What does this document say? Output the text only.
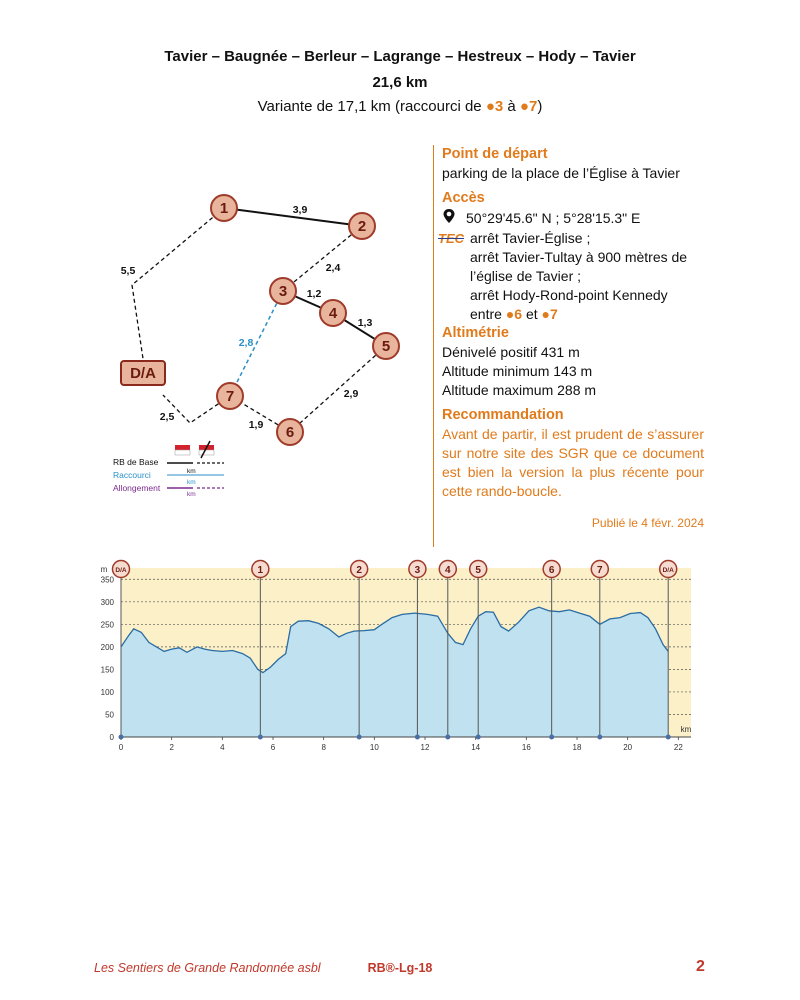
Tavier – Baugnée – Berleur – Lagrange – Hestreux – Hody – Tavier
21,6 km
Variante de 17,1 km (raccourci de ●3 à ●7)
3,9
2,4
1,2
1,3
2,9
1,9
2,5
5,5
2,8
1
2
3
4
5
6
7
D/A
RB de Base
km
Raccourci
km
Allongement
km
Point de départ
parking de la place de l’Église à Tavier
Accès
50°29'45.6" N ; 5°28'15.3" E
TEC arrêt Tavier-Église ;
arrêt Tavier-Tultay à 900 mètres de
l’église de Tavier ;
arrêt Hody-Rond-point Kennedy
entre ●6 et ●7
Altimétrie
Dénivelé positif 431 m
Altitude minimum 143 m
Altitude maximum 288 m
Recommandation
Avant de partir, il est prudent de s’assurer sur notre site des SGR que ce document est bien la version la plus récente pour cette rando-boucle.
Publié le 4 févr. 2024
0
50
100
150
200
250
300
350
m
0	2	4	6	8	10	12	14	16	18	20	22
km
D/A	1	2	3 4 5	6	7	D/A
Les Sentiers de Grande Randonnée asbl	RB®-Lg-18	2
